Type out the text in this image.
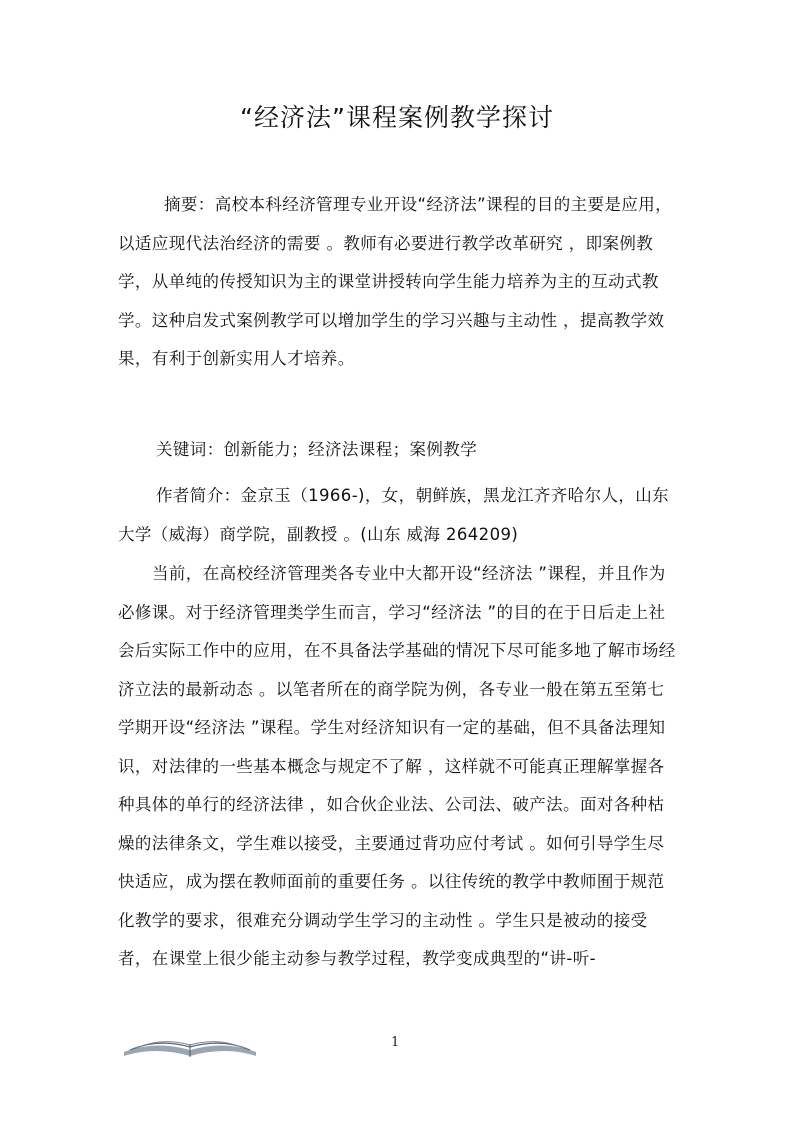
“经济法”课程案例教学探讨

摘要：高校本科经济管理专业开设“经济法”课程的目的主要是应用，以适应现代法治经济的需要 。教师有必要进行教学改革研究 ，即案例教学，从单纯的传授知识为主的课堂讲授转向学生能力培养为主的互动式教学。这种启发式案例教学可以增加学生的学习兴趣与主动性 ，提高教学效果，有利于创新实用人才培养。

关键词：创新能力；经济法课程；案例教学

作者简介：金京玉（1966-)，女，朝鲜族，黑龙江齐齐哈尔人，山东大学（威海）商学院，副教授 。(山东 威海 264209)

当前，在高校经济管理类各专业中大都开设“经济法 ”课程，并且作为必修课。对于经济管理类学生而言，学习“经济法 ”的目的在于日后走上社会后实际工作中的应用，在不具备法学基础的情况下尽可能多地了解市场经济立法的最新动态 。以笔者所在的商学院为例，各专业一般在第五至第七学期开设“经济法 ”课程。学生对经济知识有一定的基础，但不具备法理知识，对法律的一些基本概念与规定不了解 ，这样就不可能真正理解掌握各种具体的单行的经济法律 ，如合伙企业法、公司法、破产法。面对各种枯燥的法律条文，学生难以接受，主要通过背功应付考试 。如何引导学生尽快适应，成为摆在教师面前的重要任务 。以往传统的教学中教师囿于规范化教学的要求，很难充分调动学生学习的主动性 。学生只是被动的接受者，在课堂上很少能主动参与教学过程，教学变成典型的“讲-听-

1
